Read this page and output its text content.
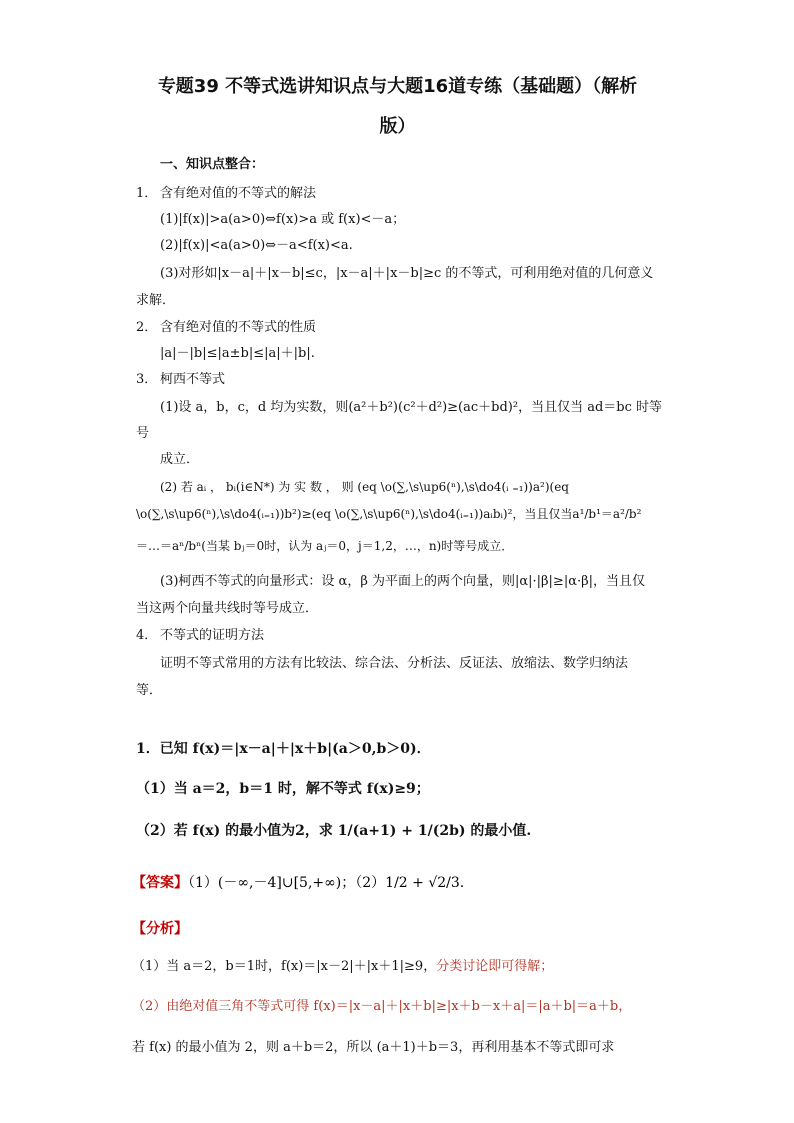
专题39 不等式选讲知识点与大题16道专练（基础题）（解析
版）
一、知识点整合：
1． 含有绝对值的不等式的解法
(1)|f(x)|>a(a>0)⇔f(x)>a 或 f(x)<－a；
(2)|f(x)|<a(a>0)⇔－a<f(x)<a.
(3)对形如|x－a|＋|x－b|≤c，|x－a|＋|x－b|≥c 的不等式，可利用绝对值的几何意义
求解．
2． 含有绝对值的不等式的性质
|a|－|b|≤|a±b|≤|a|＋|b|.
3． 柯西不等式
(1)设 a，b，c，d 均为实数，则(a²＋b²)(c²＋d²)≥(ac＋bd)²，当且仅当 ad＝bc 时等
号
成立．
(2) 若 aᵢ ， bᵢ(i∈N*) 为 实 数 ， 则 (eq \o(∑,\s\up6(ⁿ),\s\do4(ᵢ ₌₁))a²)(eq
\o(∑,\s\up6(ⁿ),\s\do4(ᵢ₌₁))b²)≥(eq \o(∑,\s\up6(ⁿ),\s\do4(ᵢ₌₁))aᵢbᵢ)²，当且仅当a¹/b¹＝a²/b²
＝…＝aⁿ/bⁿ(当某 bⱼ＝0时，认为 aⱼ＝0，j＝1,2，…，n)时等号成立．
(3)柯西不等式的向量形式：设 α，β 为平面上的两个向量，则|α|·|β|≥|α·β|，当且仅
当这两个向量共线时等号成立．
4． 不等式的证明方法
证明不等式常用的方法有比较法、综合法、分析法、反证法、放缩法、数学归纳法
等．
1．已知 f(x)＝|x－a|＋|x＋b|(a＞0,b＞0)．
（1）当 a＝2，b＝1 时，解不等式 f(x)≥9；
（2）若 f(x) 的最小值为2，求 1/(a+1) + 1/(2b) 的最小值.
【答案】（1）(－∞,－4]∪[5,+∞)；（2）1/2 + √2/3.
【分析】
（1）当 a＝2，b＝1时，f(x)＝|x－2|＋|x＋1|≥9，分类讨论即可得解；
（2）由绝对值三角不等式可得 f(x)＝|x－a|＋|x＋b|≥|x＋b－x＋a|＝|a＋b|＝a＋b，
若 f(x) 的最小值为 2，则 a＋b＝2，所以 (a＋1)＋b＝3，再利用基本不等式即可求
